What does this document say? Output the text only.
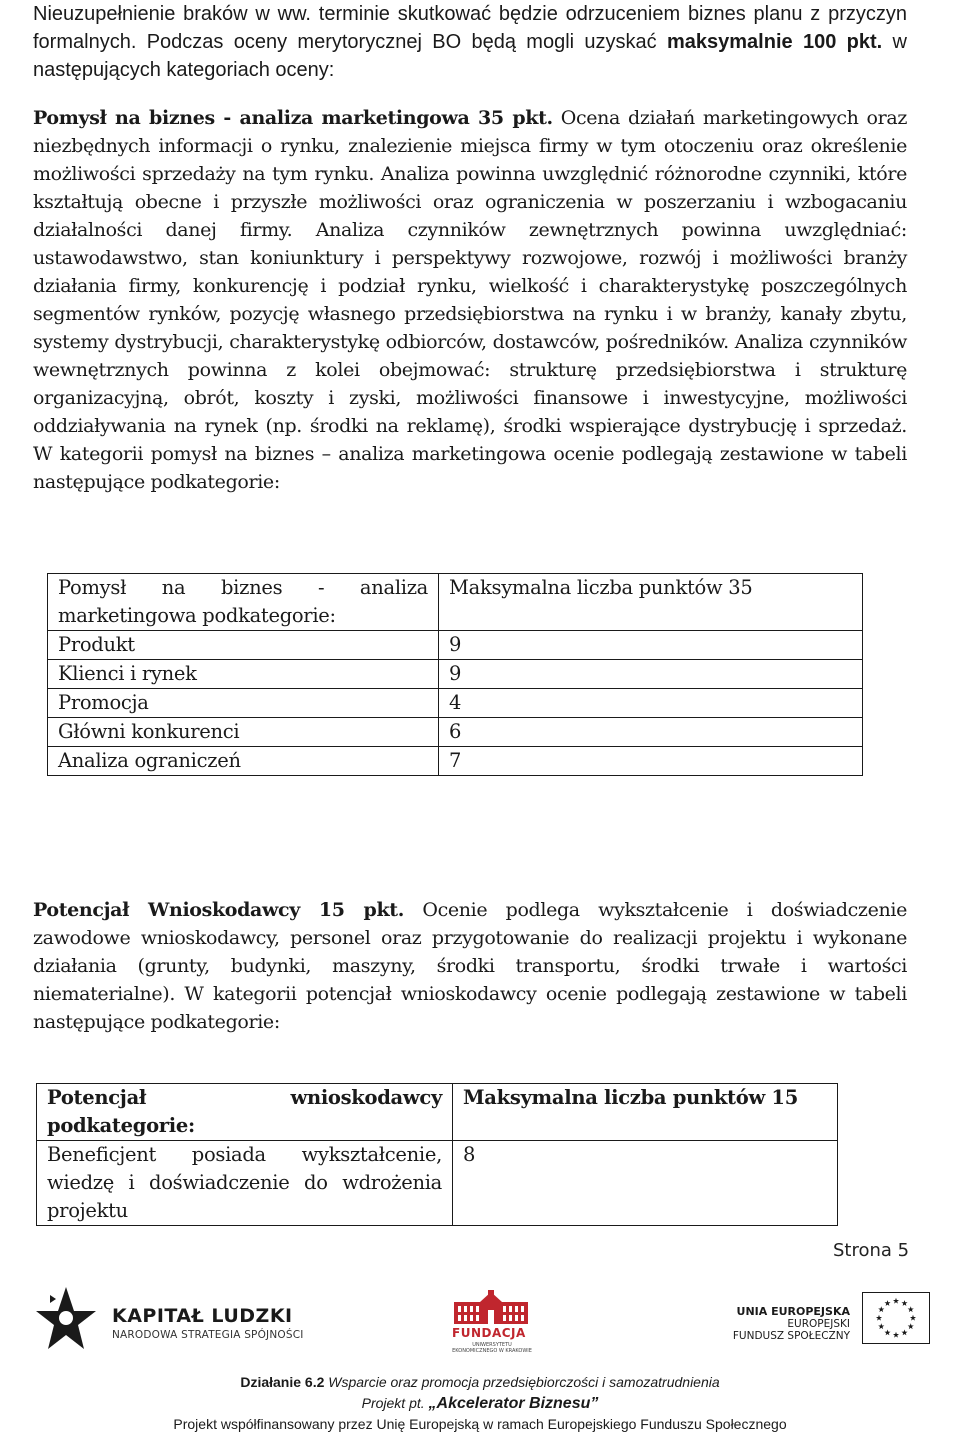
Nieuzupełnienie braków w ww. terminie skutkować będzie odrzuceniem biznes planu z przyczyn formalnych. Podczas oceny merytorycznej BO będą mogli uzyskać maksymalnie 100 pkt. w następujących kategoriach oceny:

Pomysł na biznes - analiza marketingowa 35 pkt. Ocena działań marketingowych oraz niezbędnych informacji o rynku, znalezienie miejsca firmy w tym otoczeniu oraz określenie możliwości sprzedaży na tym rynku. Analiza powinna uwzględnić różnorodne czynniki, które kształtują obecne i przyszłe możliwości oraz ograniczenia w poszerzaniu i wzbogacaniu działalności danej firmy. Analiza czynników zewnętrznych powinna uwzględniać: ustawodawstwo, stan koniunktury i perspektywy rozwojowe, rozwój i możliwości branży działania firmy, konkurencję i podział rynku, wielkość i charakterystykę poszczególnych segmentów rynków, pozycję własnego przedsiębiorstwa na rynku i w branży, kanały zbytu, systemy dystrybucji, charakterystykę odbiorców, dostawców, pośredników. Analiza czynników wewnętrznych powinna z kolei obejmować: strukturę przedsiębiorstwa i strukturę organizacyjną, obrót, koszty i zyski, możliwości finansowe i inwestycyjne, możliwości oddziaływania na rynek (np. środki na reklamę), środki wspierające dystrybucję i sprzedaż. W kategorii pomysł na biznes – analiza marketingowa ocenie podlegają zestawione w tabeli następujące podkategorie:

Pomysł na biznes - analiza marketingowa podkategorie:	Maksymalna liczba punktów 35
Produkt	9
Klienci i rynek	9
Promocja	4
Główni konkurenci	6
Analiza ograniczeń	7

Potencjał Wnioskodawcy 15 pkt. Ocenie podlega wykształcenie i doświadczenie zawodowe wnioskodawcy, personel oraz przygotowanie do realizacji projektu i wykonane działania (grunty, budynki, maszyny, środki transportu, środki trwałe i wartości niematerialne). W kategorii potencjał wnioskodawcy ocenie podlegają zestawione w tabeli następujące podkategorie:

Potencjał wnioskodawcy podkategorie:	Maksymalna liczba punktów 15
Beneficjent posiada wykształcenie, wiedzę i doświadczenie do wdrożenia projektu	8
Strona 5
KAPITAŁ LUDZKI
NARODOWA STRATEGIA SPÓJNOŚCI	FUNDACJA
UNIWERSYTETU EKONOMICZNEGO W KRAKOWIE
UNIA EUROPEJSKA
EUROPEJSKI
FUNDUSZ SPOŁECZNY
Działanie 6.2 Wsparcie oraz promocja przedsiębiorczości i samozatrudnienia
Projekt pt. „Akcelerator Biznesu”
Projekt współfinansowany przez Unię Europejską w ramach Europejskiego Funduszu Społecznego
